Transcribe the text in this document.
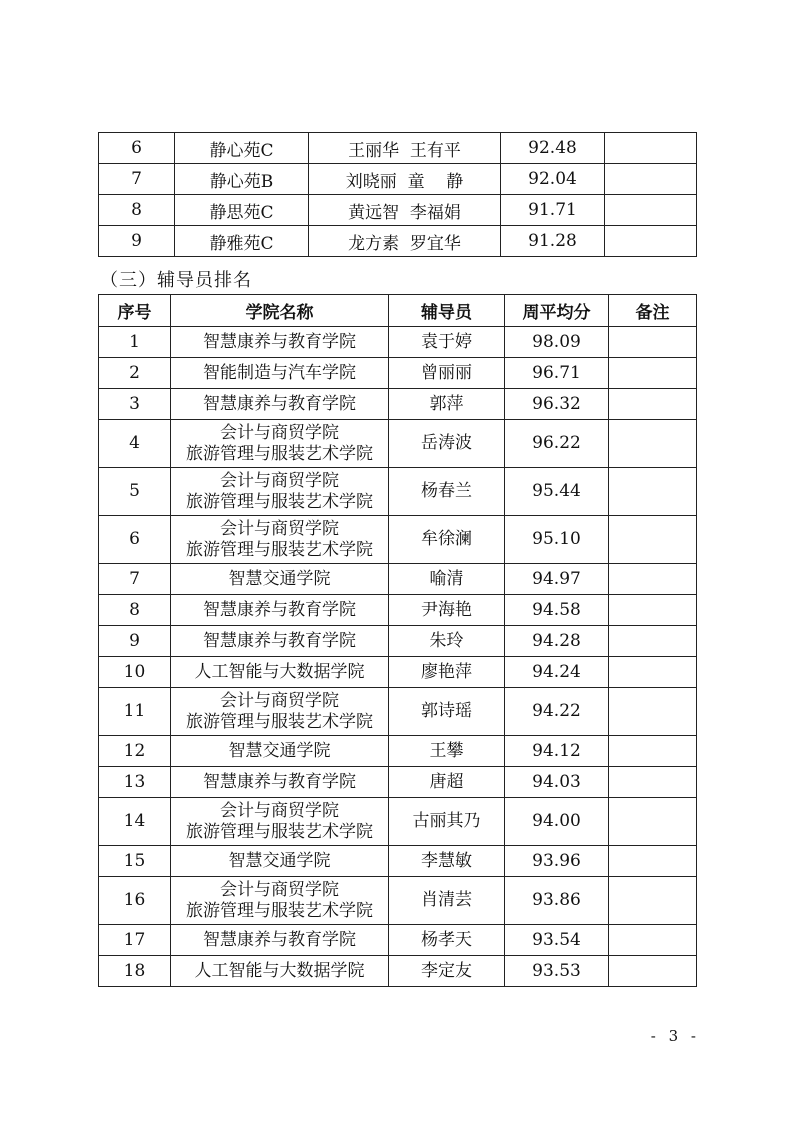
6	静心苑C	王丽华  王有平	92.48	
7	静心苑B	刘晓丽  童    静	92.04	
8	静思苑C	黄远智  李福娟	91.71	
9	静雅苑C	龙方素  罗宜华	91.28	
（三）辅导员排名
序号	学院名称	辅导员	周平均分	备注
1	智慧康养与教育学院	袁于婷	98.09	
2	智能制造与汽车学院	曾丽丽	96.71	
3	智慧康养与教育学院	郭萍	96.32	
4	会计与商贸学院
旅游管理与服装艺术学院	岳涛波	96.22	
5	会计与商贸学院
旅游管理与服装艺术学院	杨春兰	95.44	
6	会计与商贸学院
旅游管理与服装艺术学院	牟徐澜	95.10	
7	智慧交通学院	喻清	94.97	
8	智慧康养与教育学院	尹海艳	94.58	
9	智慧康养与教育学院	朱玲	94.28	
10	人工智能与大数据学院	廖艳萍	94.24	
11	会计与商贸学院
旅游管理与服装艺术学院	郭诗瑶	94.22	
12	智慧交通学院	王攀	94.12	
13	智慧康养与教育学院	唐超	94.03	
14	会计与商贸学院
旅游管理与服装艺术学院	古丽其乃	94.00	
15	智慧交通学院	李慧敏	93.96	
16	会计与商贸学院
旅游管理与服装艺术学院	肖清芸	93.86	
17	智慧康养与教育学院	杨孝天	93.54	
18	人工智能与大数据学院	李定友	93.53	
- 3 -
